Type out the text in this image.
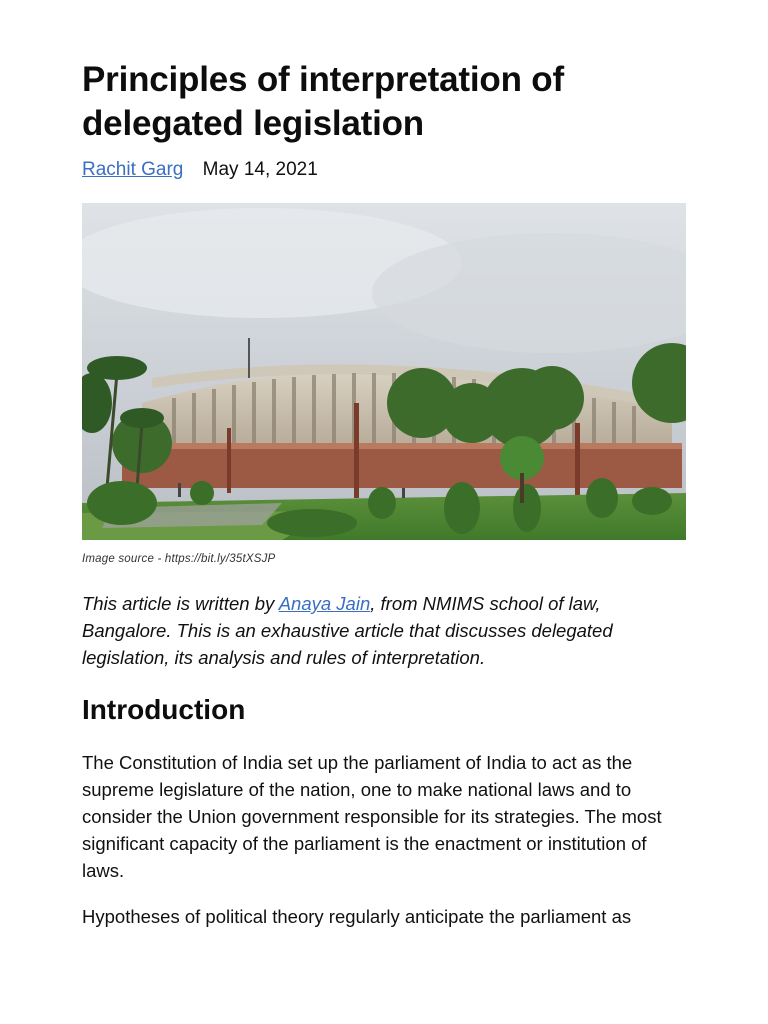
Principles of interpretation of delegated legislation
Rachit Garg May 14, 2021
Image source - https://bit.ly/35tXSJP

This article is written by Anaya Jain, from NMIMS school of law, Bangalore. This is an exhaustive article that discusses delegated legislation, its analysis and rules of interpretation.

Introduction

The Constitution of India set up the parliament of India to act as the supreme legislature of the nation, one to make national laws and to consider the Union government responsible for its strategies. The most significant capacity of the parliament is the enactment or institution of laws.

Hypotheses of political theory regularly anticipate the parliament as
